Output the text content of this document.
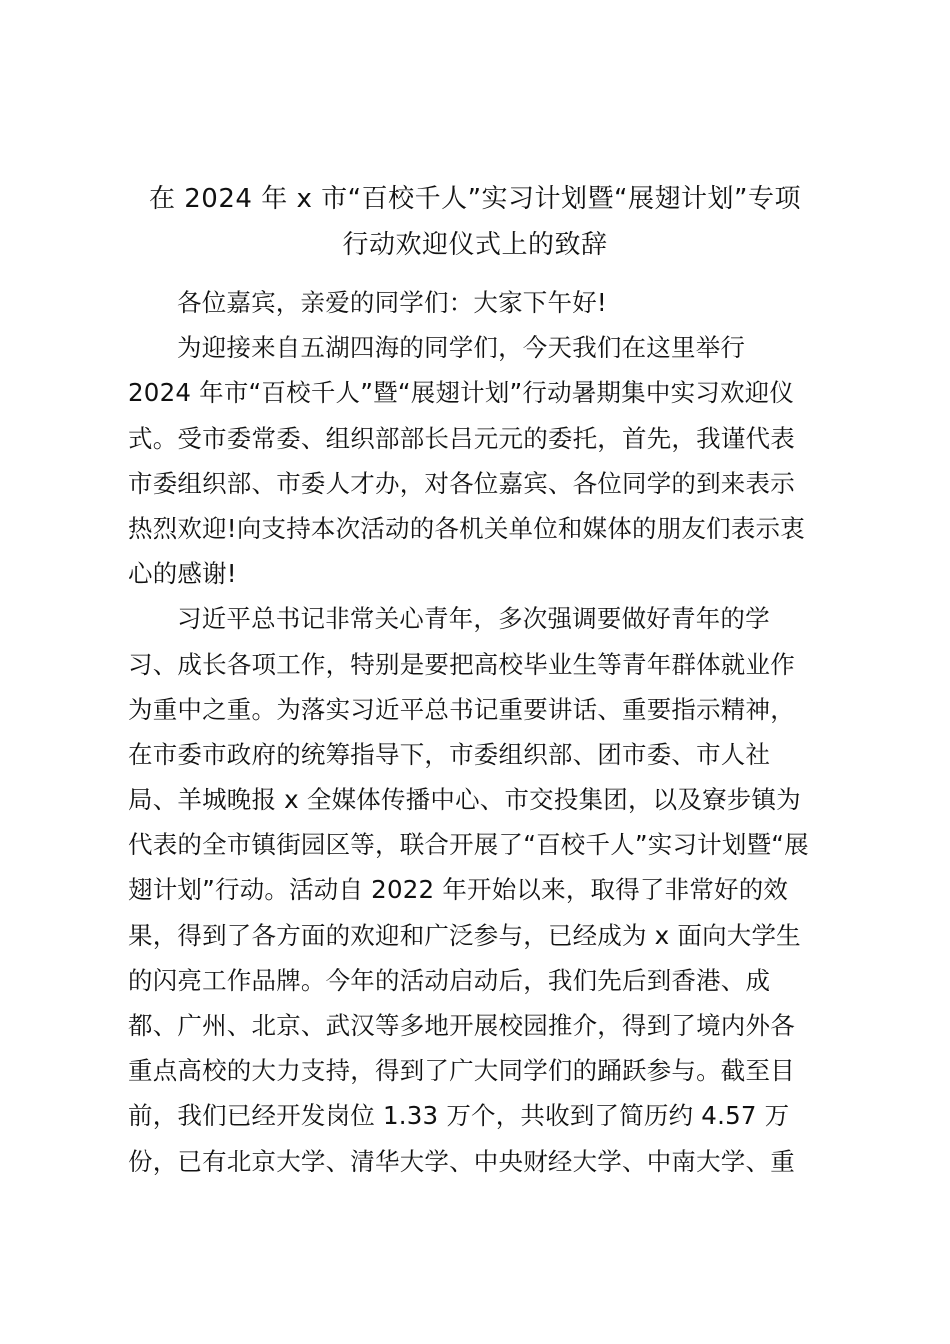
在 2024 年 x 市“百校千人”实习计划暨“展翅计划”专项
行动欢迎仪式上的致辞
各位嘉宾，亲爱的同学们：大家下午好!
为迎接来自五湖四海的同学们，今天我们在这里举行
2024 年市“百校千人”暨“展翅计划”行动暑期集中实习欢迎仪
式。受市委常委、组织部部长吕元元的委托，首先，我谨代表
市委组织部、市委人才办，对各位嘉宾、各位同学的到来表示
热烈欢迎!向支持本次活动的各机关单位和媒体的朋友们表示衷
心的感谢!
习近平总书记非常关心青年，多次强调要做好青年的学
习、成长各项工作，特别是要把高校毕业生等青年群体就业作
为重中之重。为落实习近平总书记重要讲话、重要指示精神，
在市委市政府的统筹指导下，市委组织部、团市委、市人社
局、羊城晚报 x 全媒体传播中心、市交投集团，以及寮步镇为
代表的全市镇街园区等，联合开展了“百校千人”实习计划暨“展
翅计划”行动。活动自 2022 年开始以来，取得了非常好的效
果，得到了各方面的欢迎和广泛参与，已经成为 x 面向大学生
的闪亮工作品牌。今年的活动启动后，我们先后到香港、成
都、广州、北京、武汉等多地开展校园推介，得到了境内外各
重点高校的大力支持，得到了广大同学们的踊跃参与。截至目
前，我们已经开发岗位 1.33 万个，共收到了简历约 4.57 万
份，已有北京大学、清华大学、中央财经大学、中南大学、重
